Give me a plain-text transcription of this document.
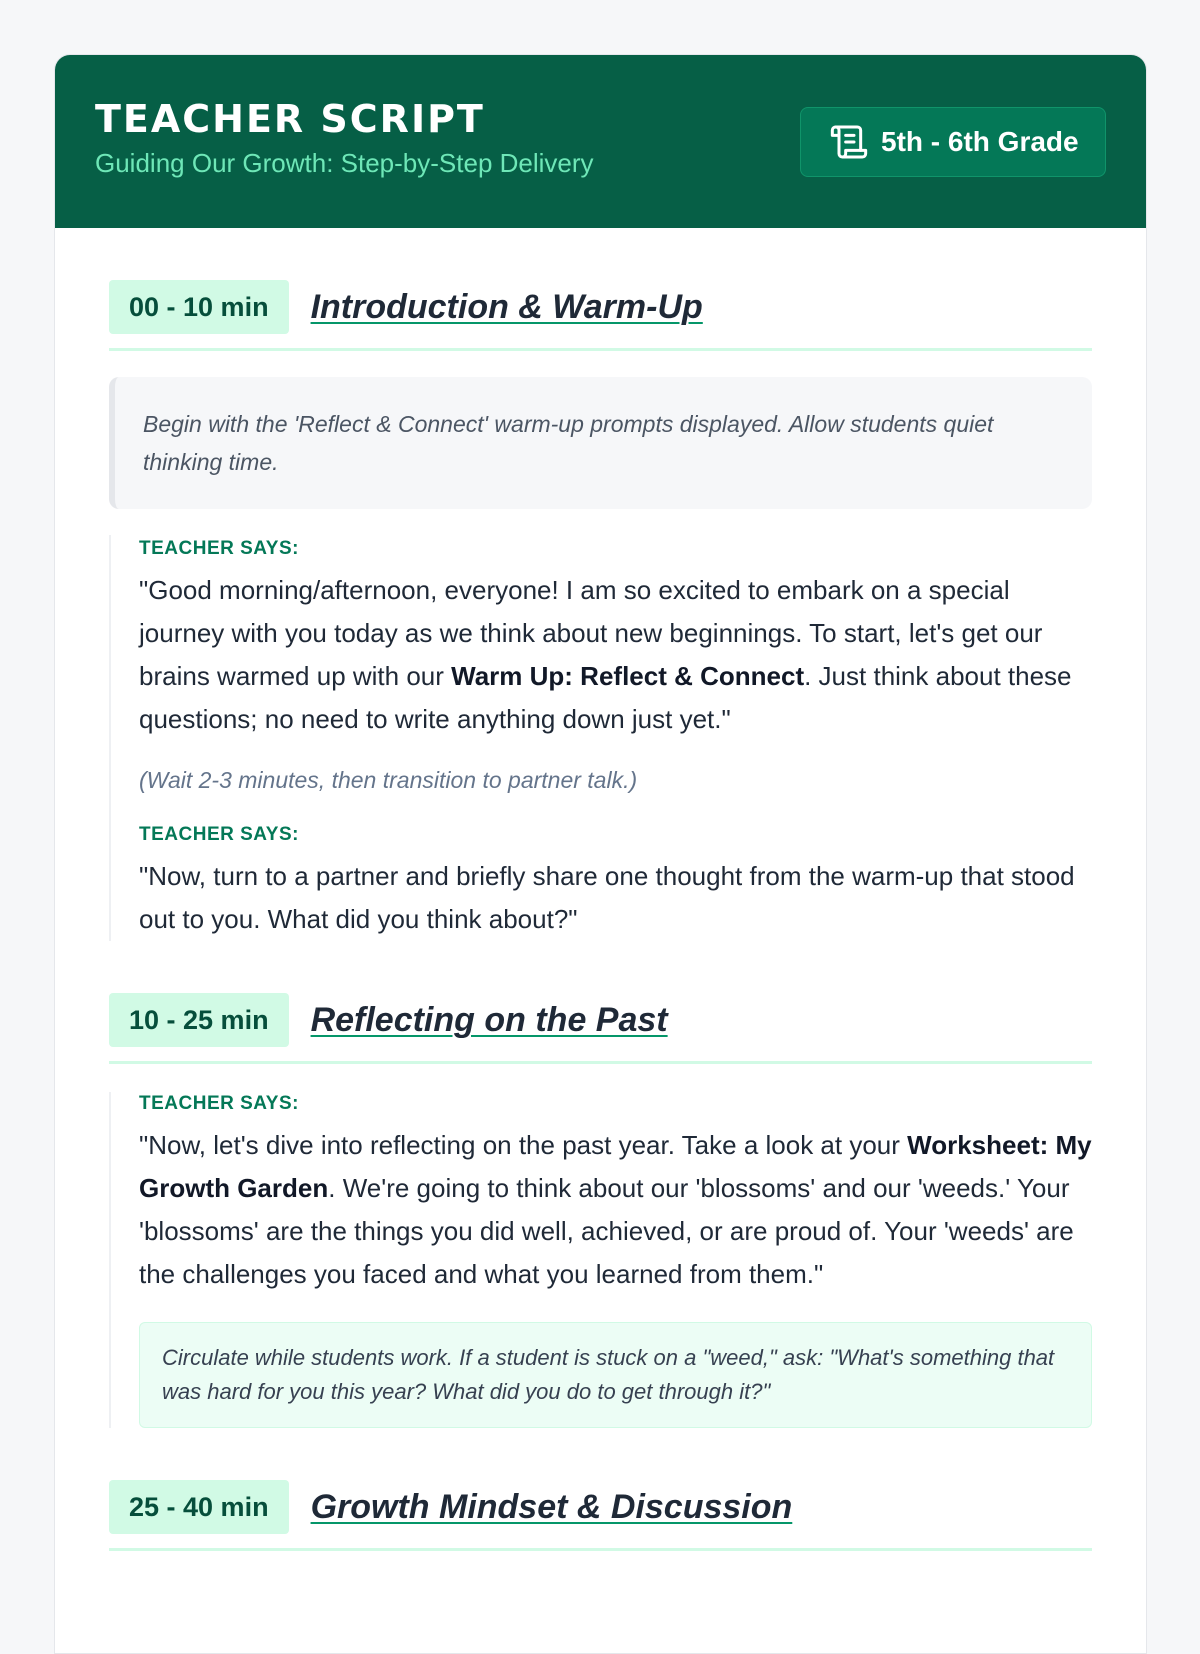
TEACHER SCRIPT
Guiding Our Growth: Step-by-Step Delivery
5th - 6th Grade
00 - 10 min	Introduction & Warm-Up
Begin with the 'Reflect & Connect' warm-up prompts displayed. Allow students quiet thinking time.
TEACHER SAYS:
"Good morning/afternoon, everyone! I am so excited to embark on a special journey with you today as we think about new beginnings. To start, let's get our brains warmed up with our Warm Up: Reflect & Connect. Just think about these questions; no need to write anything down just yet."
(Wait 2-3 minutes, then transition to partner talk.)
TEACHER SAYS:
"Now, turn to a partner and briefly share one thought from the warm-up that stood out to you. What did you think about?"
10 - 25 min	Reflecting on the Past
TEACHER SAYS:
"Now, let's dive into reflecting on the past year. Take a look at your Worksheet: My Growth Garden. We're going to think about our 'blossoms' and our 'weeds.' Your 'blossoms' are the things you did well, achieved, or are proud of. Your 'weeds' are the challenges you faced and what you learned from them."
Circulate while students work. If a student is stuck on a "weed," ask: "What's something that was hard for you this year? What did you do to get through it?"
25 - 40 min	Growth Mindset & Discussion
